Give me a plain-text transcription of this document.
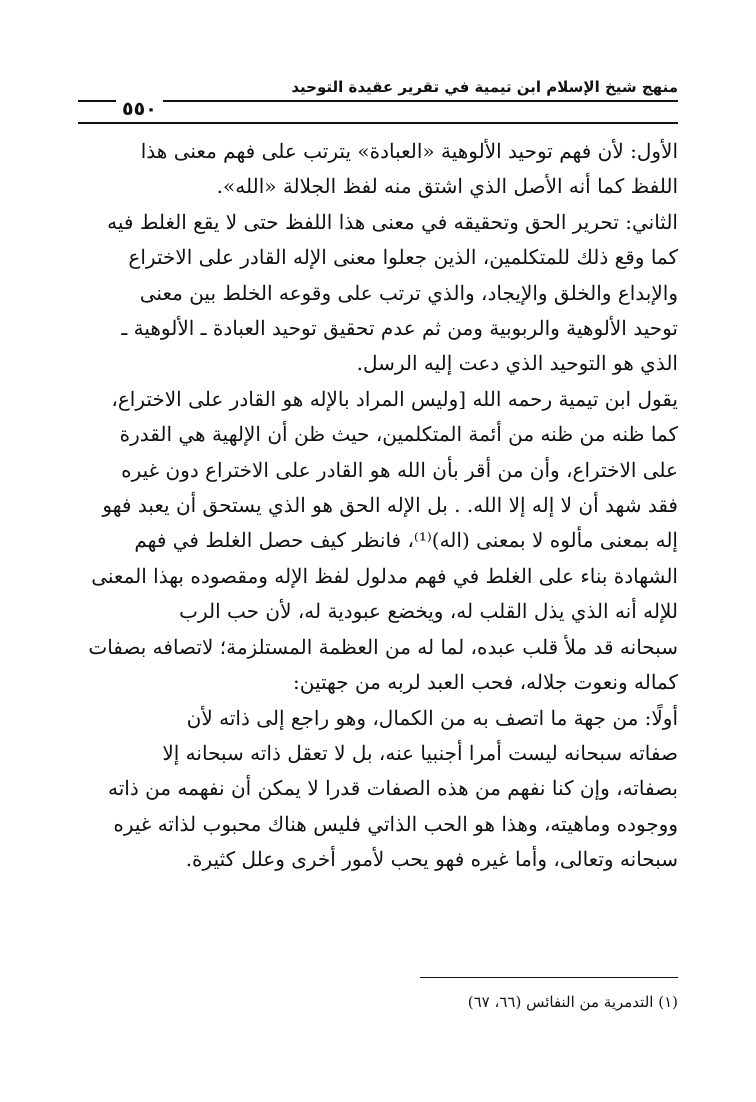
منهج شيخ الإسلام ابن تيمية في تقرير عقيدة التوحيد
٥٥٠
الأول: لأن فهم توحيد الألوهية «العبادة» يترتب على فهم معنى هذا
اللفظ كما أنه الأصل الذي اشتق منه لفظ الجلالة «الله».
الثاني: تحرير الحق وتحقيقه في معنى هذا اللفظ حتى لا يقع الغلط فيه
كما وقع ذلك للمتكلمين، الذين جعلوا معنى الإله القادر على الاختراع
والإبداع والخلق والإيجاد، والذي ترتب على وقوعه الخلط بين معنى
توحيد الألوهية والربوبية ومن ثم عدم تحقيق توحيد العبادة ـ الألوهية ـ
الذي هو التوحيد الذي دعت إليه الرسل.
يقول ابن تيمية رحمه الله [وليس المراد بالإله هو القادر على الاختراع،
كما ظنه من ظنه من أئمة المتكلمين، حيث ظن أن الإلهية هي القدرة
على الاختراع، وأن من أقر بأن الله هو القادر على الاختراع دون غيره
فقد شهد أن لا إله إلا الله. . بل الإله الحق هو الذي يستحق أن يعبد فهو
إله بمعنى مألوه لا بمعنى (اله)⁽¹⁾، فانظر كيف حصل الغلط في فهم
الشهادة بناء على الغلط في فهم مدلول لفظ الإله ومقصوده بهذا المعنى
للإله أنه الذي يذل القلب له، ويخضع عبودية له، لأن حب الرب
سبحانه قد ملأ قلب عبده، لما له من العظمة المستلزمة؛ لاتصافه بصفات
كماله ونعوت جلاله، فحب العبد لربه من جهتين:
أولًا: من جهة ما اتصف به من الكمال، وهو راجع إلى ذاته لأن
صفاته سبحانه ليست أمرا أجنبيا عنه، بل لا تعقل ذاته سبحانه إلا
بصفاته، وإن كنا نفهم من هذه الصفات قدرا لا يمكن أن نفهمه من ذاته
ووجوده وماهيته، وهذا هو الحب الذاتي فليس هناك محبوب لذاته غيره
سبحانه وتعالى، وأما غيره فهو يحب لأمور أخرى وعلل كثيرة.
(١) التدمرية من النفائس (٦٦، ٦٧)
